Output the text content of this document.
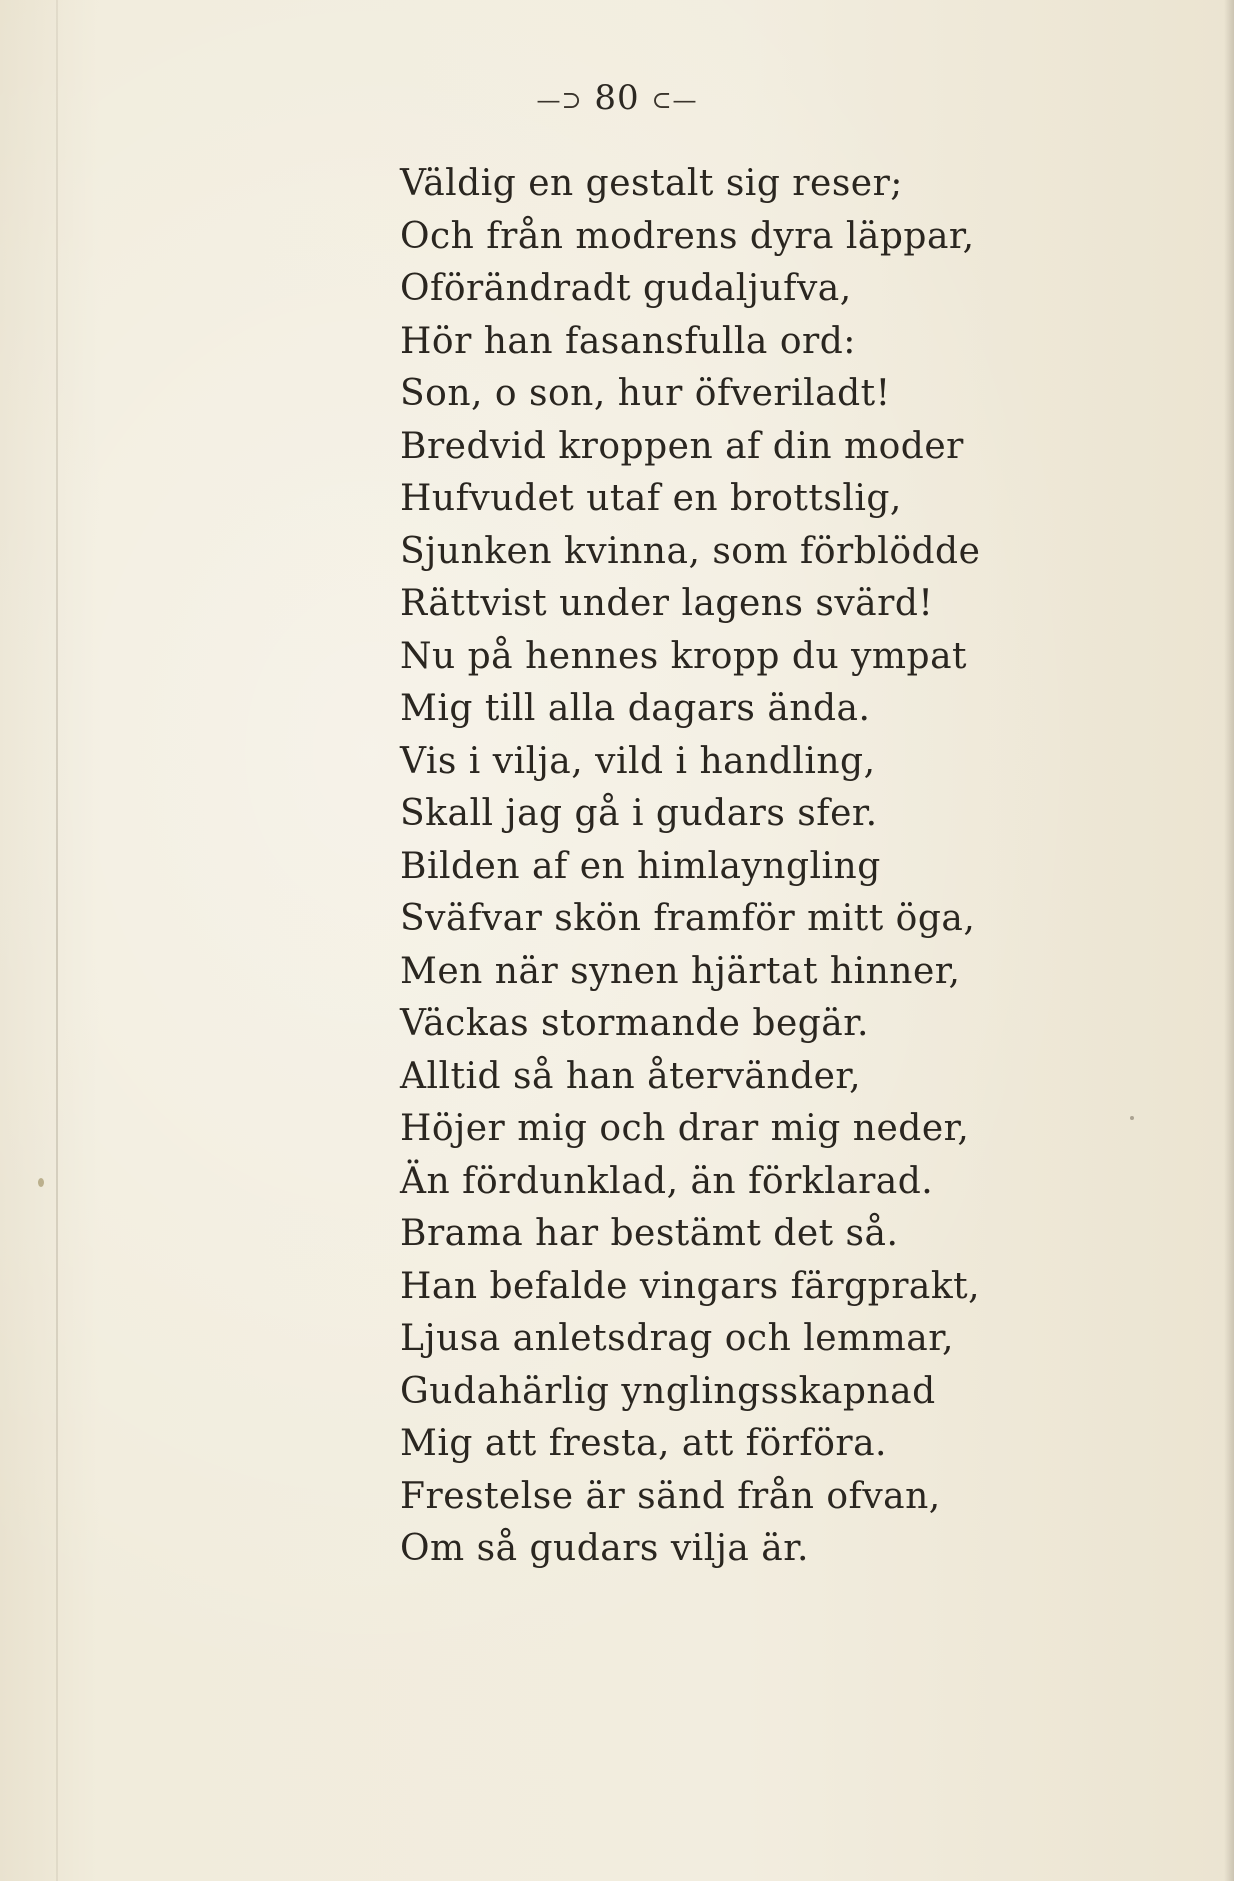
—⊃ 80 ⊂—
Väldig en gestalt sig reser;
Och från modrens dyra läppar,
Oförändradt gudaljufva,
Hör han fasansfulla ord:
Son, o son, hur öfveriladt!
Bredvid kroppen af din moder
Hufvudet utaf en brottslig,
Sjunken kvinna, som förblödde
Rättvist under lagens svärd!
Nu på hennes kropp du ympat
Mig till alla dagars ända.
Vis i vilja, vild i handling,
Skall jag gå i gudars sfer.
Bilden af en himlayngling
Sväfvar skön framför mitt öga,
Men när synen hjärtat hinner,
Väckas stormande begär.
Alltid så han återvänder,
Höjer mig och drar mig neder,
Än fördunklad, än förklarad.
Brama har bestämt det så.
Han befalde vingars färgprakt,
Ljusa anletsdrag och lemmar,
Gudahärlig ynglingsskapnad
Mig att fresta, att förföra.
Frestelse är sänd från ofvan,
Om så gudars vilja är.
